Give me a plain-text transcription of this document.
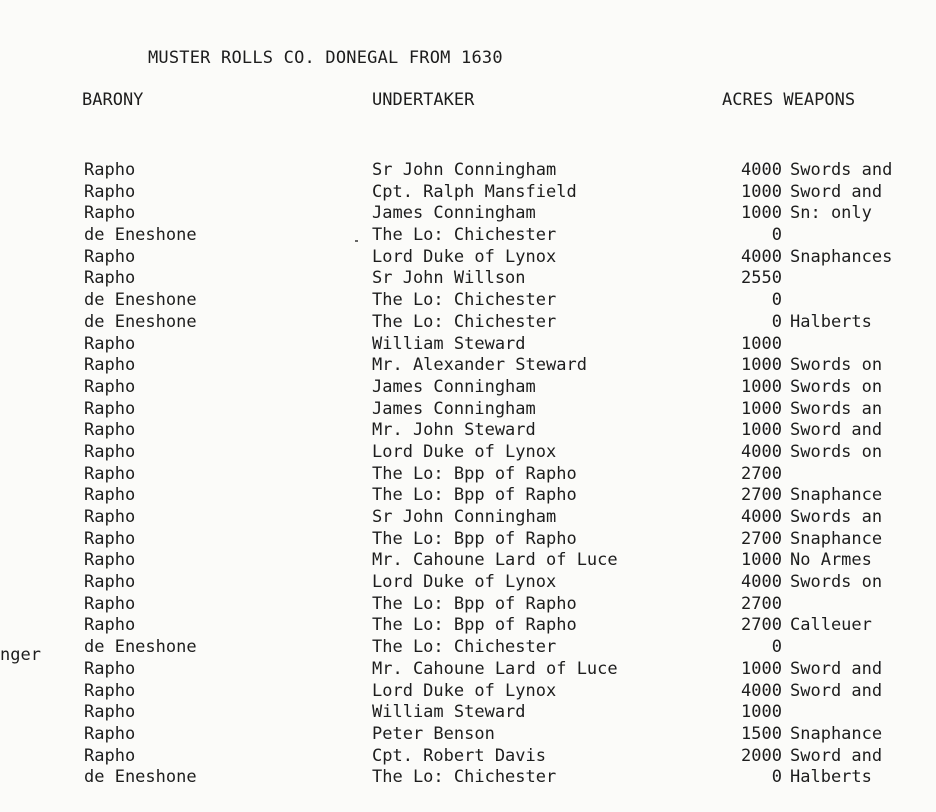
MUSTER ROLLS CO. DONEGAL FROM 1630
BARONY	UNDERTAKER	ACRES WEAPONS
nger
Rapho	Sr John Conningham	4000 Swords and
Rapho	Cpt. Ralph Mansfield	1000 Sword and
Rapho	James Conningham	1000 Sn: only
de Eneshone	The Lo: Chichester	0
Rapho	Lord Duke of Lynox	4000 Snaphances
Rapho	Sr John Willson	2550
de Eneshone	The Lo: Chichester	0
de Eneshone	The Lo: Chichester	0 Halberts
Rapho	William Steward	1000
Rapho	Mr. Alexander Steward	1000 Swords on
Rapho	James Conningham	1000 Swords on
Rapho	James Conningham	1000 Swords an
Rapho	Mr. John Steward	1000 Sword and
Rapho	Lord Duke of Lynox	4000 Swords on
Rapho	The Lo: Bpp of Rapho	2700
Rapho	The Lo: Bpp of Rapho	2700 Snaphance
Rapho	Sr John Conningham	4000 Swords an
Rapho	The Lo: Bpp of Rapho	2700 Snaphance
Rapho	Mr. Cahoune Lard of Luce	1000 No Armes
Rapho	Lord Duke of Lynox	4000 Swords on
Rapho	The Lo: Bpp of Rapho	2700
Rapho	The Lo: Bpp of Rapho	2700 Calleuer
de Eneshone	The Lo: Chichester	0
Rapho	Mr. Cahoune Lard of Luce	1000 Sword and
Rapho	Lord Duke of Lynox	4000 Sword and
Rapho	William Steward	1000
Rapho	Peter Benson	1500 Snaphance
Rapho	Cpt. Robert Davis	2000 Sword and
de Eneshone	The Lo: Chichester	0 Halberts
